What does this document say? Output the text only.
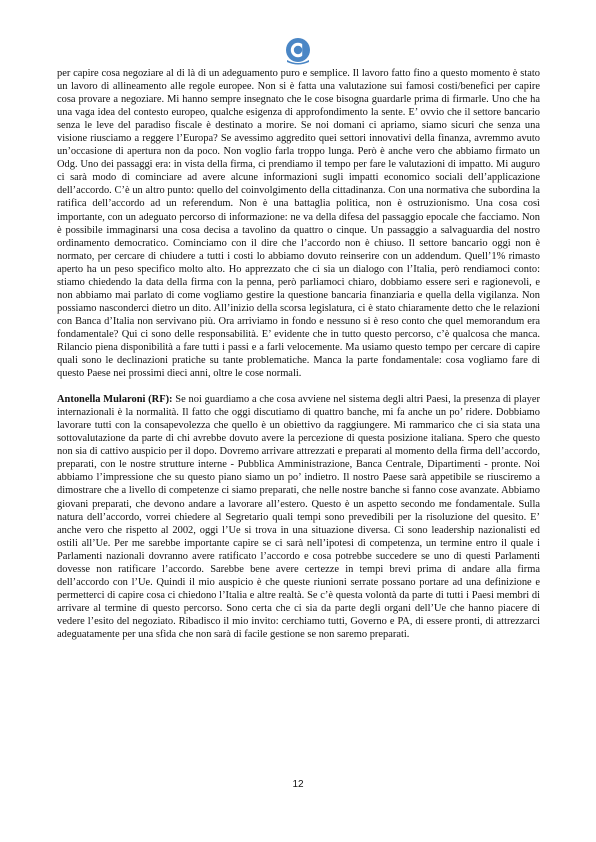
per capire cosa negoziare al di là di un adeguamento puro e semplice. Il lavoro fatto fino a questo momento è stato un lavoro di allineamento alle regole europee. Non si è fatta una valutazione sui famosi costi/benefici per capire cosa provare a negoziare. Mi hanno sempre insegnato che le cose bisogna guardarle prima di firmarle. Uno che ha una vaga idea del contesto europeo, qualche esigenza di approfondimento la sente. E’ ovvio che il settore bancario senza le leve del paradiso fiscale è destinato a morire. Se noi domani ci apriamo, siamo sicuri che senza una visione riusciamo a reggere l’Europa? Se avessimo aggredito quei settori innovativi della finanza, avremmo avuto un’occasione di apertura non da poco. Non voglio farla troppo lunga. Però è anche vero che abbiamo firmato un Odg. Uno dei passaggi era: in vista della firma, ci prendiamo il tempo per fare le valutazioni di impatto. Mi auguro ci sarà modo di cominciare ad avere alcune informazioni sugli impatti economico sociali dell’applicazione dell’accordo. C’è un altro punto: quello del coinvolgimento della cittadinanza. Con una normativa che subordina la ratifica dell’accordo ad un referendum. Non è una battaglia politica, non è ostruzionismo. Una cosa così importante, con un adeguato percorso di informazione: ne va della difesa del passaggio epocale che facciamo. Non è possibile immaginarsi una cosa decisa a tavolino da quattro o cinque. Un passaggio a salvaguardia del nostro ordinamento democratico. Cominciamo con il dire che l’accordo non è chiuso. Il settore bancario oggi non è normato, per cercare di chiudere a tutti i costi lo abbiamo dovuto reinserire con un addendum. Quell’1% rimasto aperto ha un peso specifico molto alto. Ho apprezzato che ci sia un dialogo con l’Italia, però rendiamoci conto: stiamo chiedendo la data della firma con la penna, però parliamoci chiaro, dobbiamo essere seri e ragionevoli, e non abbiamo mai parlato di come vogliamo gestire la questione bancaria finanziaria e quella della vigilanza. Non possiamo nasconderci dietro un dito. All’inizio della scorsa legislatura, ci è stato chiaramente detto che le relazioni con Banca d’Italia non servivano più. Ora arriviamo in fondo e nessuno si è reso conto che quel memorandum era fondamentale? Qui ci sono delle responsabilità. E’ evidente che in tutto questo percorso, c’è qualcosa che manca. Rilancio piena disponibilità a fare tutti i passi e a farli velocemente. Ma usiamo questo tempo per cercare di capire quali sono le declinazioni pratiche su tante problematiche. Manca la parte fondamentale: cosa vogliamo fare di questo Paese nei prossimi dieci anni, oltre le cose normali.

Antonella Mularoni (RF): Se noi guardiamo a che cosa avviene nel sistema degli altri Paesi, la presenza di player internazionali è la normalità. Il fatto che oggi discutiamo di quattro banche, mi fa anche un po’ ridere. Dobbiamo lavorare tutti con la consapevolezza che quello è un obiettivo da raggiungere. Mi rammarico che ci sia stata una sottovalutazione da parte di chi avrebbe dovuto avere la percezione di questa posizione italiana. Spero che questo non sia di cattivo auspicio per il dopo. Dovremo arrivare attrezzati e preparati al momento della firma dell’accordo, preparati, con le nostre strutture interne - Pubblica Amministrazione, Banca Centrale, Dipartimenti - pronte. Noi abbiamo l’impressione che su questo piano siamo un po’ indietro. Il nostro Paese sarà appetibile se riusciremo a dimostrare che a livello di competenze ci siamo preparati, che nelle nostre banche si fanno cose avanzate. Abbiamo giovani preparati, che devono andare a lavorare all’estero. Questo è un aspetto secondo me fondamentale. Sulla natura dell’accordo, vorrei chiedere al Segretario quali tempi sono prevedibili per la risoluzione del quesito. E’ anche vero che rispetto al 2002, oggi l’Ue si trova in una situazione diversa. Ci sono leadership nazionalisti ed ostili all’Ue. Per me sarebbe importante capire se ci sarà nell’ipotesi di competenza, un termine entro il quale i Parlamenti nazionali dovranno avere ratificato l’accordo e cosa potrebbe succedere se uno di questi Parlamenti dovesse non ratificare l’accordo. Sarebbe bene avere certezze in tempi brevi prima di andare alla firma dell’accordo con l’Ue. Quindi il mio auspicio è che queste riunioni serrate possano portare ad una definizione e permetterci di capire cosa ci chiedono l’Italia e altre realtà. Se c’è questa volontà da parte di tutti i Paesi membri di arrivare al termine di questo percorso. Sono certa che ci sia da parte degli organi dell’Ue che hanno piacere di vedere l’esito del negoziato. Ribadisco il mio invito: cerchiamo tutti, Governo e PA, di essere pronti, di attrezzarci adeguatamente per una sfida che non sarà di facile gestione se non saremo preparati.

12
